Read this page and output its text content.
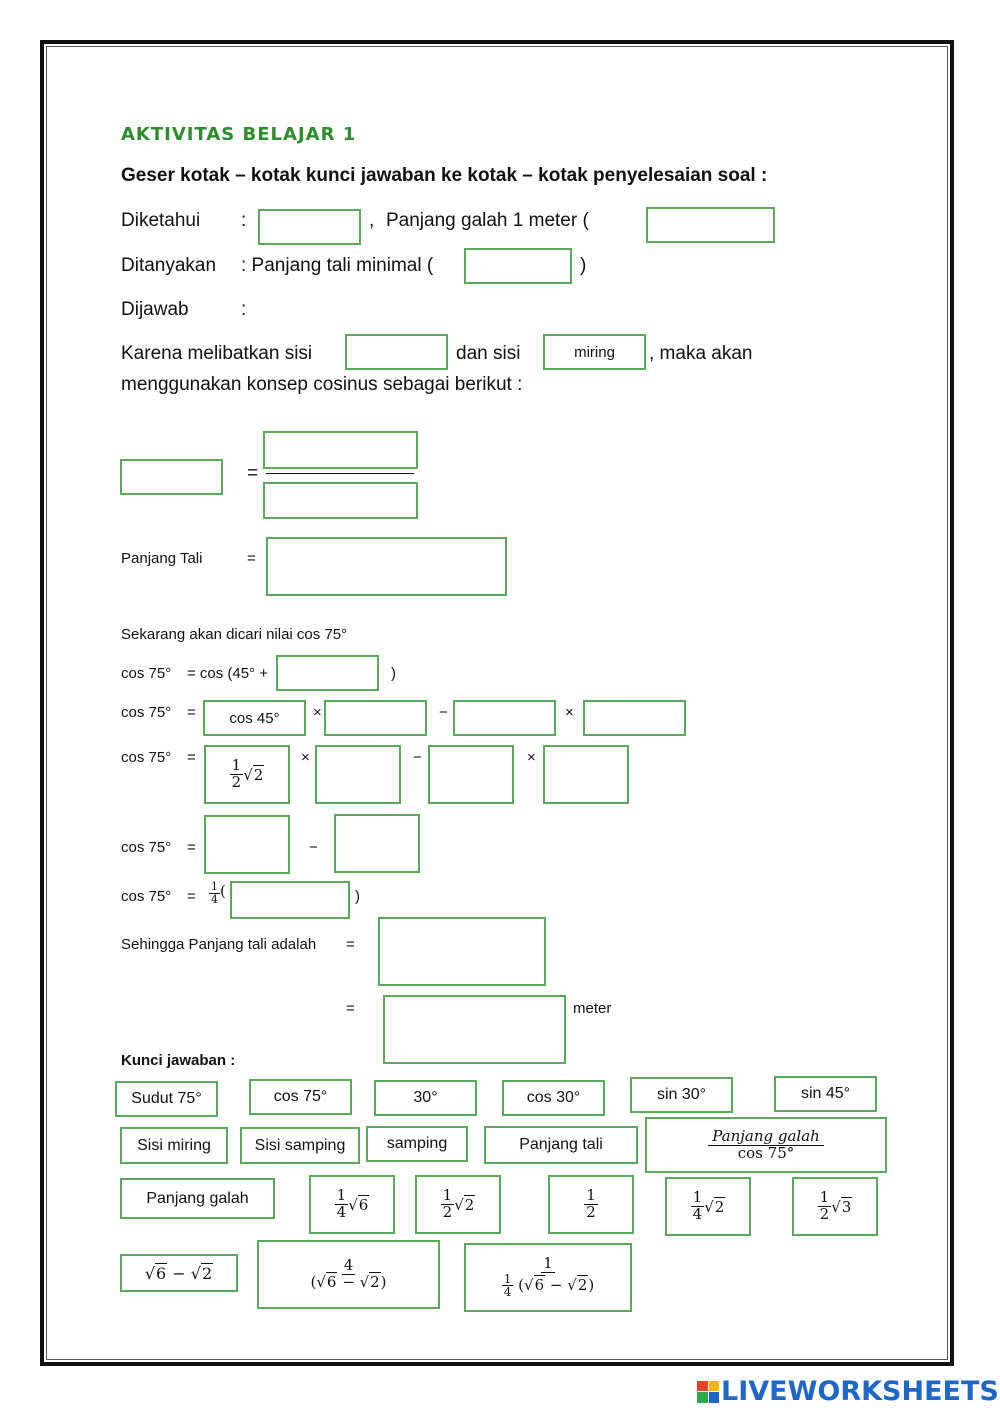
AKTIVITAS BELAJAR 1
Geser kotak – kotak kunci jawaban ke kotak – kotak penyelesaian soal :
Diketahui :	, Panjang galah 1 meter (
Ditanyakan : Panjang tali minimal (	)
Dijawab	:
Karena melibatkan sisi	dan sisi	miring	, maka akan
menggunakan konsep cosinus sebagai berikut :
=
Panjang Tali	=
Sekarang akan dicari nilai cos 75°
cos 75° = cos (45° +	)
cos 75° =	cos 45°	×	−	×
cos 75° =
$\frac{1}{2} √2$
×	−	×
cos 75° =	−
$\cos 75^\circ = \frac{1}{4}$ (	)
Sehingga Panjang tali adalah =
=	meter
Kunci jawaban :
Sudut 75°	cos 75°	30°	cos 30°	sin 30°	sin 45°
Sisi miring	Sisi samping	samping	Panjang tali	$\frac{\text{Panjang galah}}{\cos 75^\circ}$
Panjang galah	$\frac{1}{4} √6$	$\frac{1}{2} √2$	$\frac{1}{2}$	$\frac{1}{4} √2$	$\frac{1}{2} √3$
√6
−
√2	$\frac{4}{(√6 - √2)}$	$\frac{1}{\frac{1}{4} (√6 - √2)}$
LIVEWORKSHEETS
